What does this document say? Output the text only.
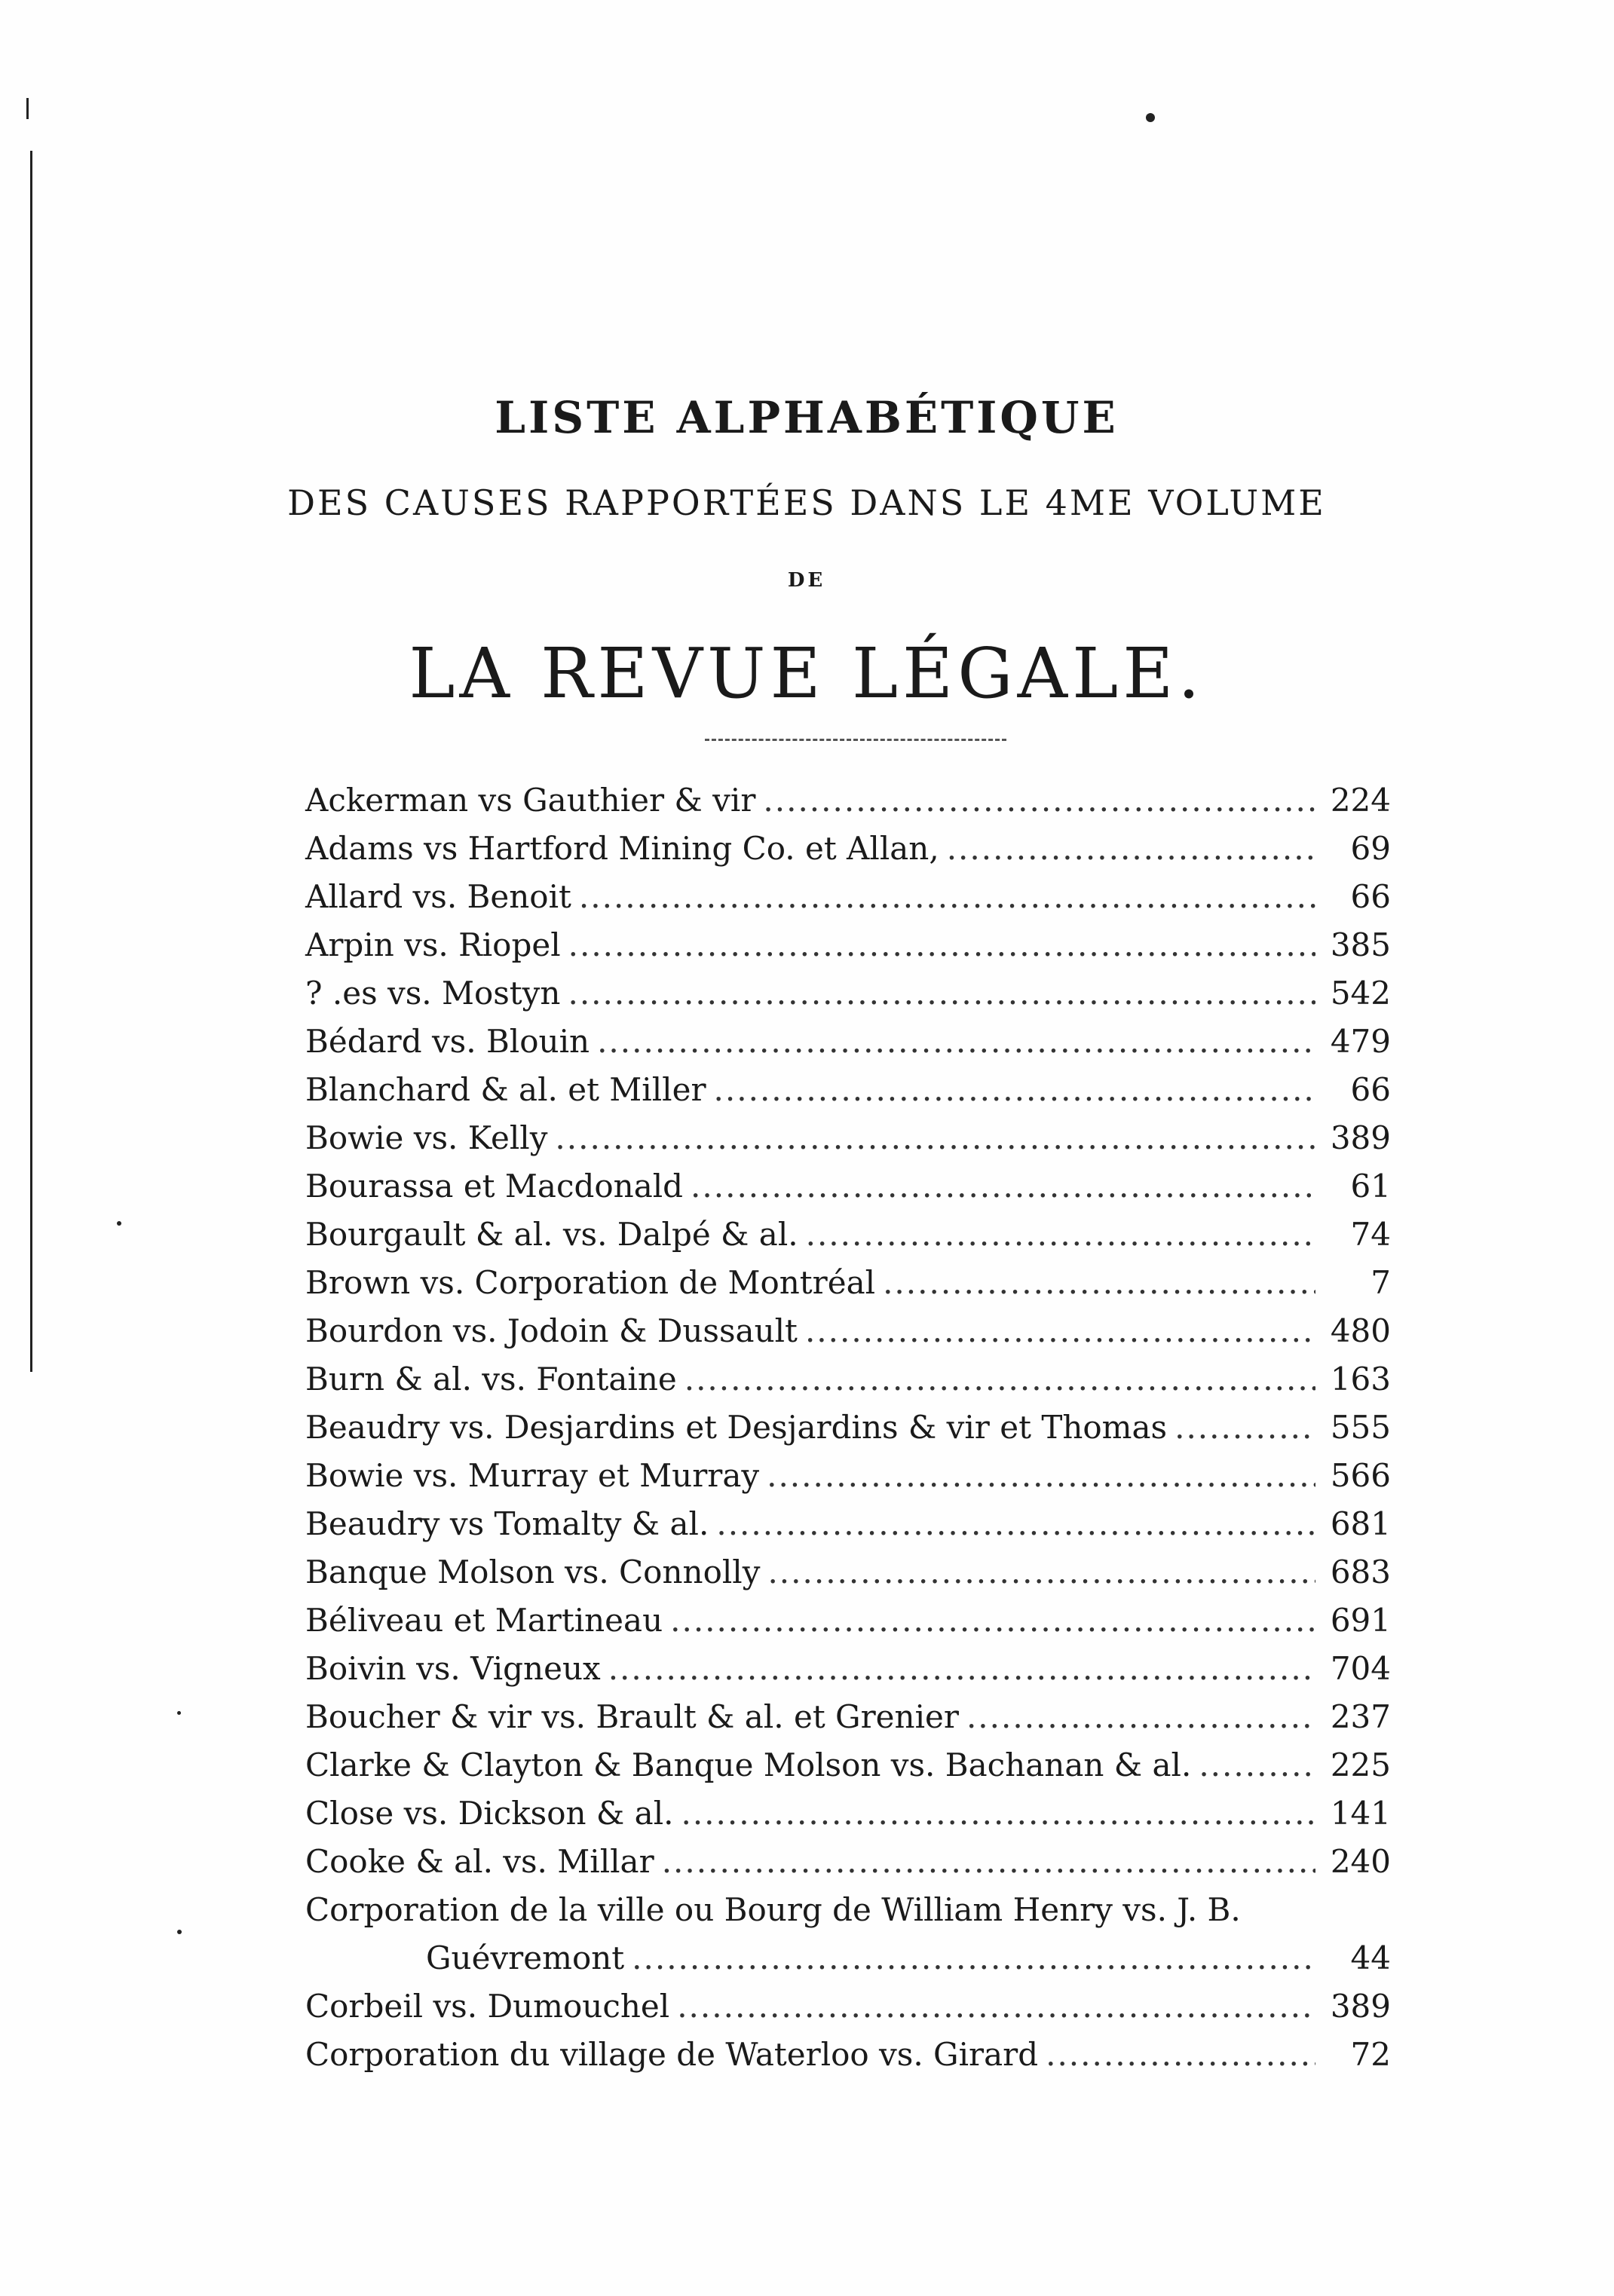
LISTE ALPHABÉTIQUE
DES CAUSES RAPPORTÉES DANS LE 4ME VOLUME
DE
LA REVUE LÉGALE.
Ackerman vs Gauthier & vir .....	224
Adams vs Hartford Mining Co. et Allan, .....	69
Allard vs. Benoit .....	66
Arpin vs. Riopel .....	385
? .es vs. Mostyn .....	542
Bédard vs. Blouin .....	479
Blanchard & al. et Miller .....	66
Bowie vs. Kelly .....	389
Bourassa et Macdonald .....	61
Bourgault & al. vs. Dalpé & al. .....	74
Brown vs. Corporation de Montréal .....	7
Bourdon vs. Jodoin & Dussault .....	480
Burn & al. vs. Fontaine .....	163
Beaudry vs. Desjardins et Desjardins & vir et Thomas .....	555
Bowie vs. Murray et Murray .....	566
Beaudry vs Tomalty & al. .....	681
Banque Molson vs. Connolly .....	683
Béliveau et Martineau .....	691
Boivin vs. Vigneux .....	704
Boucher & vir vs. Brault & al. et Grenier .....	237
Clarke & Clayton & Banque Molson vs. Bachanan & al. .....	225
Close vs. Dickson & al. .....	141
Cooke & al. vs. Millar .....	240
Corporation de la ville ou Bourg de William Henry vs. J. B.
Guévremont .....	44
Corbeil vs. Dumouchel .....	389
Corporation du village de Waterloo vs. Girard .....	72
